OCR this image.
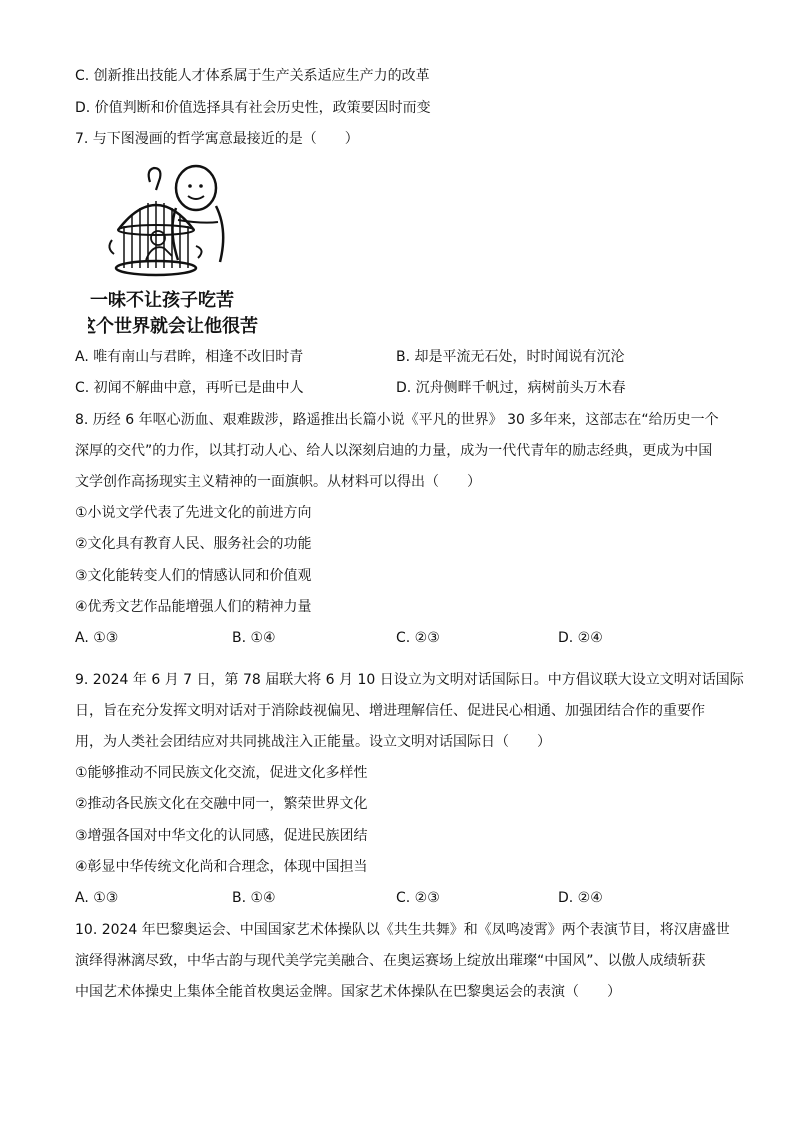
C. 创新推出技能人才体系属于生产关系适应生产力的改革
D. 价值判断和价值选择具有社会历史性，政策要因时而变
7. 与下图漫画的哲学寓意最接近的是（　　）
一味不让孩子吃苦
这个世界就会让他很苦
A. 唯有南山与君眸，相逢不改旧时青	B. 却是平流无石处，时时闻说有沉沦
C. 初闻不解曲中意，再听已是曲中人	D. 沉舟侧畔千帆过，病树前头万木春
8. 历经 6 年呕心沥血、艰难跋涉，路遥推出长篇小说《平凡的世界》 30 多年来，这部志在“给历史一个
深厚的交代”的力作，以其打动人心、给人以深刻启迪的力量，成为一代代青年的励志经典，更成为中国
文学创作高扬现实主义精神的一面旗帜。从材料可以得出（　　）
①小说文学代表了先进文化的前进方向
②文化具有教育人民、服务社会的功能
③文化能转变人们的情感认同和价值观
④优秀文艺作品能增强人们的精神力量
A. ①③	B. ①④	C. ②③	D. ②④
9. 2024 年 6 月 7 日，第 78 届联大将 6 月 10 日设立为文明对话国际日。中方倡议联大设立文明对话国际
日，旨在充分发挥文明对话对于消除歧视偏见、增进理解信任、促进民心相通、加强团结合作的重要作
用，为人类社会团结应对共同挑战注入正能量。设立文明对话国际日（　　）
①能够推动不同民族文化交流，促进文化多样性
②推动各民族文化在交融中同一，繁荣世界文化
③增强各国对中华文化的认同感，促进民族团结
④彰显中华传统文化尚和合理念，体现中国担当
A. ①③	B. ①④	C. ②③	D. ②④
10. 2024 年巴黎奥运会、中国国家艺术体操队以《共生共舞》和《凤鸣凌霄》两个表演节目，将汉唐盛世
演绎得淋漓尽致，中华古韵与现代美学完美融合、在奥运赛场上绽放出璀璨“中国风”、以傲人成绩斩获
中国艺术体操史上集体全能首枚奥运金牌。国家艺术体操队在巴黎奥运会的表演（　　）
